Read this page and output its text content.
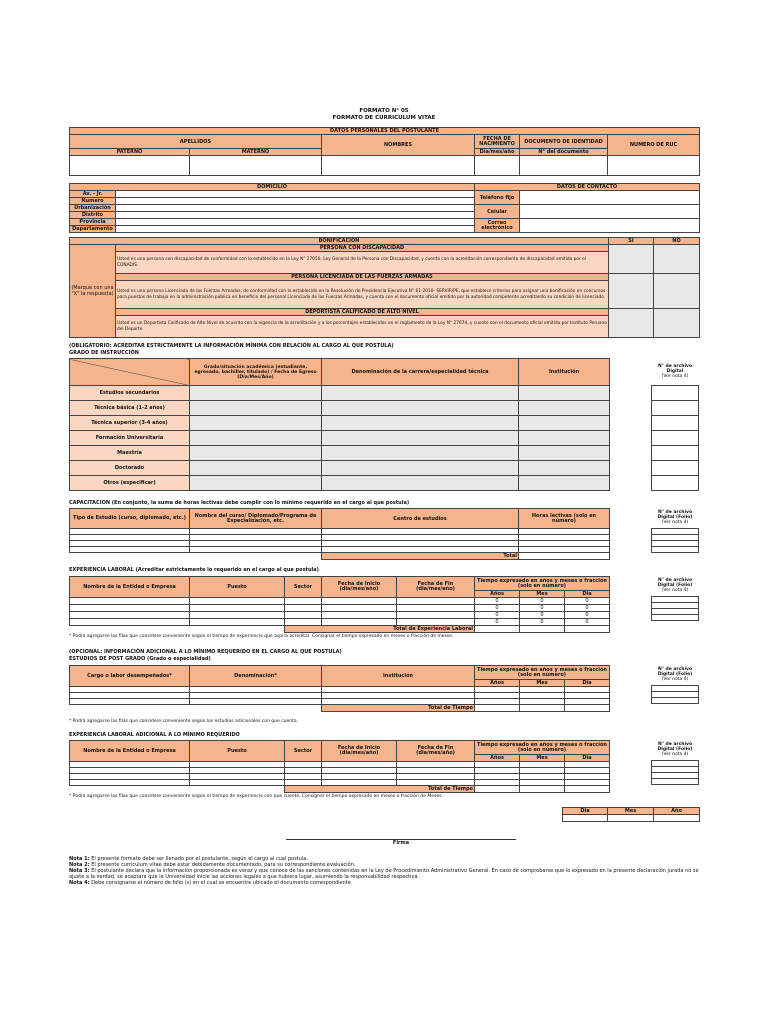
FORMATO N° 05
FORMATO DE CURRICULUM VITAE
DATOS PERSONALES DEL POSTULANTE					
APELLIDOS		NOMBRES	FECHA DE NACIMIENTO	DOCUMENTO DE IDENTIDAD	NUMERO DE RUC
PATERNO	MATERNO		Día/mes/año	N° del documento	

DOMICILIO		DATOS DE CONTACTO	
Av. - Jr.		Teléfono fijo	
Numero			
Urbanización		Celular	
Distrito			
Provincia		Correo electrónico	
Departamento			
BONIFICACION		SI	NO
(Marque con una "X" la respuesta)	PERSONA CON DISCAPACIDAD		
	Usted es una persona con discapacidad de conformidad con lo establecido en la Ley N° 27050, Ley General de la Persona con Discapacidad, y cuenta con la acreditación correspondiente de discapacidad emitida por el CONADIS.		
	PERSONA LICENCIADA DE LAS FUERZAS ARMADAS		
	Usted es una persona Licenciada de las Fuerzas Armadas, de conformidad con lo establecido en la Resolución de Presidencia Ejecutiva N° 61-2010- SERVIR/PE, que establece criterios para asignar una bonificación en concursos para puestos de trabajo en la administración pública en beneficio del personal Licenciado de las Fuerzas Armadas, y cuenta con el documento oficial emitido por la autoridad competente acreditando su condición de licenciado.		
	DEPORTISTA CALIFICADO DE ALTO NIVEL		
	Usted es un Deportista Calificado de Alto Nivel de acuerdo con la vigencia de la acreditación y a los porcentajes establecidos en el reglamento de la Ley N° 27674, y cuente con el documento oficial emitido por Instituto Peruano del Deporte		
(OBLIGATORIO: ACREDITAR ESTRICTAMENTE LA INFORMACIÓN MÍNIMA CON RELACIÓN AL CARGO AL QUE POSTULA)
GRADO DE INSTRUCCIÓN
	Grado/situación académica (estudiante, egresado, bachiller, titulado) / Fecha de Egreso (Día/Mes/Año)	Denominación de la carrera/especialidad técnica	Institución
Estudios secundarios			
Técnica básica (1-2 años)			
Técnica superior (3-4 años)			
Formación Universitaria			
Maestría			
Doctorado			
Otros (especificar)			
N° de archivo Digital
(Ver nota 4)

CAPACITACION (En conjunto, la suma de horas lectivas debe cumplir con lo mínimo requerido en el cargo al que postula)
Tipo de Estudio (curso, diplomado, etc.)	Nombre del curso/ Diplomado/Programa de Especialización, etc.	Centro de estudios	Horas lectivas (solo en número)

		Total	
N° de archivo Digital (Folio)
(Ver nota 4)

EXPERIENCIA LABORAL (Acreditar estrictamente lo requerido en el cargo al que postula)
Nombre de la Entidad o Empresa	Puesto	Sector	Fecha de Inicio (dia/mes/año)	Fecha de Fin (dia/mes/año)	Tiempo expresado en años y meses o fracción (solo en número)		
					Años	Mes	Dia
					0	0	0
					0	0	0
					0	0	0
					0	0	0
		Total de Experiencia Laboral					
N° de archivo Digital (Folio)
(Ver nota 4)

* Podrá agregarse las filas que considere conveniente según el tiempo de experiencia que aspira acreditar. Consignar el tiempo expresado en meses o fracción de meses.
(OPCIONAL: INFORMACIÓN ADICIONAL A LO MÍNIMO REQUERIDO EN EL CARGO AL QUE POSTULA)
ESTUDIOS DE POST GRADO (Grado o especialidad)
Cargo o labor desempeñados*	Denominación*	Institución	Tiempo expresado en años y meses o fracción (solo en número)		
			Años	Mes	Dia

		Total de Tiempo			
N° de archivo Digital (Folio)
(Ver nota 4)

* Podrá agregarse las filas que considere conveniente según los estudios adicionales con que cuenta.
EXPERIENCIA LABORAL ADICIONAL A LO MÍNIMO REQUERIDO
Nombre de la Entidad o Empresa	Puesto	Sector	Fecha de Inicio (dia/mes/año)	Fecha de Fin (dia/mes/año)	Tiempo expresado en años y meses o fracción (solo en número)		
					Años	Mes	Dia

		Total de Tiempo					
N° de archivo Digital (Folio)
(Ver nota 4)

* Podrá agregarse las filas que considere conveniente según el tiempo de experiencia con que cuente. Consignar el tiempo expresado en meses o fracción de Meses.
Dia	Mes	Año

Firma
Nota 1: El presente formato debe ser llenado por el postulante, según el cargo al cual postula.
Nota 2: El presente curriculum vitae debe estar debidamente documentado, para su correspondiente evaluación.
Nota 3: El postulante declara que la información proporcionada es veraz y que conoce de las sanciones contenidas en la Ley de Procedimiento Administrativo General. En caso de comprobarse que lo expresado en la presente declaración jurada no se ajuste a la verdad, se aceptara que la Universidad inicie las acciones legales a que hubiera lugar, asumiendo la responsabilidad respectiva.
Nota 4: Debe consignarse el número de folio (s) en el cual se encuentre ubicado el documento correspondiente
